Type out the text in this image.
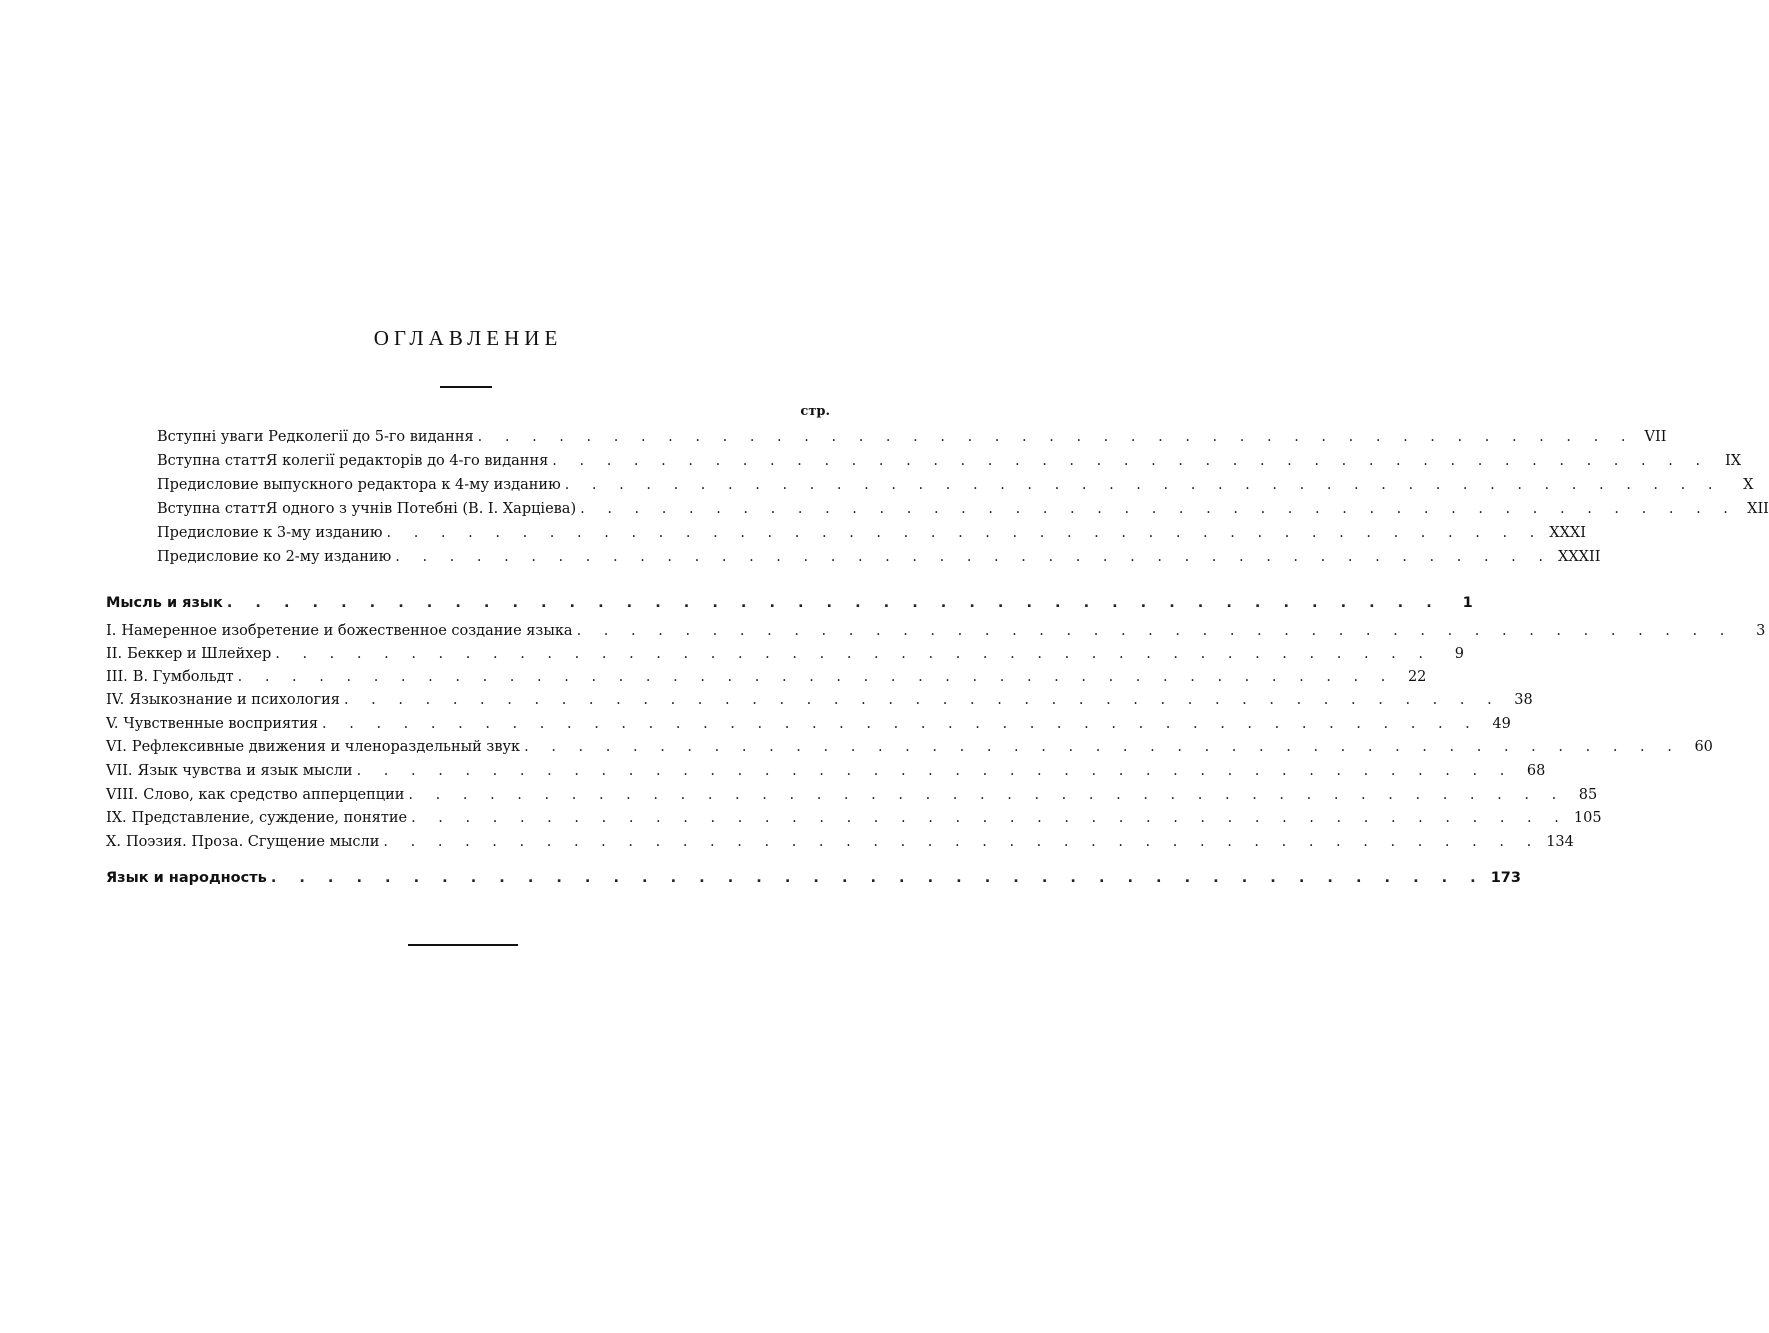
ОГЛАВЛЕНИЕ
стр.
Вступні уваги Редколегії до 5-го видання . . . . . . . . . . . . . . . . . . . . . . . . . . . . . . . . . . . . . . . . . . . VII
Вступна статтЯ колегії редакторів до 4-го видання . . . . . . . . . . . . . . . . . . . . . . . . . . . . . . . . . . . . . . . . . . .	IX
Предисловие выпускного редактора к 4-му изданию . . . . . . . . . . . . . . . . . . . . . . . . . . . . . . . . . . . . . . . . . . .	X
Вступна статтЯ одного з учнів Потебні (В. I. Харціева) . . . . . . . . . . . . . . . . . . . . . . . . . . . . . . . . . . . . . . . . . . . XII
Предисловие к 3-му изданию . . . . . . . . . . . . . . . . . . . . . . . . . . . . . . . . . . . . . . . . . . . XXXI
Предисловие ко 2-му изданию . . . . . . . . . . . . . . . . . . . . . . . . . . . . . . . . . . . . . . . . . . . XXXII
Мысль и язык . . . . . . . . . . . . . . . . . . . . . . . . . . . . . . . . . . . . . . . . . . .	1
I. Намеренное изобретение и божественное создание языка . . . . . . . . . . . . . . . . . . . . . . . . . . . . . . . . . . . . . . . . . . .	3
II. Беккер и Шлейхер . . . . . . . . . . . . . . . . . . . . . . . . . . . . . . . . . . . . . . . . . . .	9
III. В. Гумбольдт . . . . . . . . . . . . . . . . . . . . . . . . . . . . . . . . . . . . . . . . . . . 22
IV. Языкознание и психология . . . . . . . . . . . . . . . . . . . . . . . . . . . . . . . . . . . . . . . . . . . 38
V. Чувственные восприятия . . . . . . . . . . . . . . . . . . . . . . . . . . . . . . . . . . . . . . . . . . . 49
VI. Рефлексивные движения и членораздельный звук . . . . . . . . . . . . . . . . . . . . . . . . . . . . . . . . . . . . . . . . . . . 60
VII. Язык чувства и язык мысли . . . . . . . . . . . . . . . . . . . . . . . . . . . . . . . . . . . . . . . . . . . 68
VIII. Слово, как средство апперцепции . . . . . . . . . . . . . . . . . . . . . . . . . . . . . . . . . . . . . . . . . . . 85
IX. Представление, суждение, понятие . . . . . . . . . . . . . . . . . . . . . . . . . . . . . . . . . . . . . . . . . . . 105
X. Поэзия. Проза. Сгущение мысли . . . . . . . . . . . . . . . . . . . . . . . . . . . . . . . . . . . . . . . . . . . 134
Язык и народность . . . . . . . . . . . . . . . . . . . . . . . . . . . . . . . . . . . . . . . . . . . 173
